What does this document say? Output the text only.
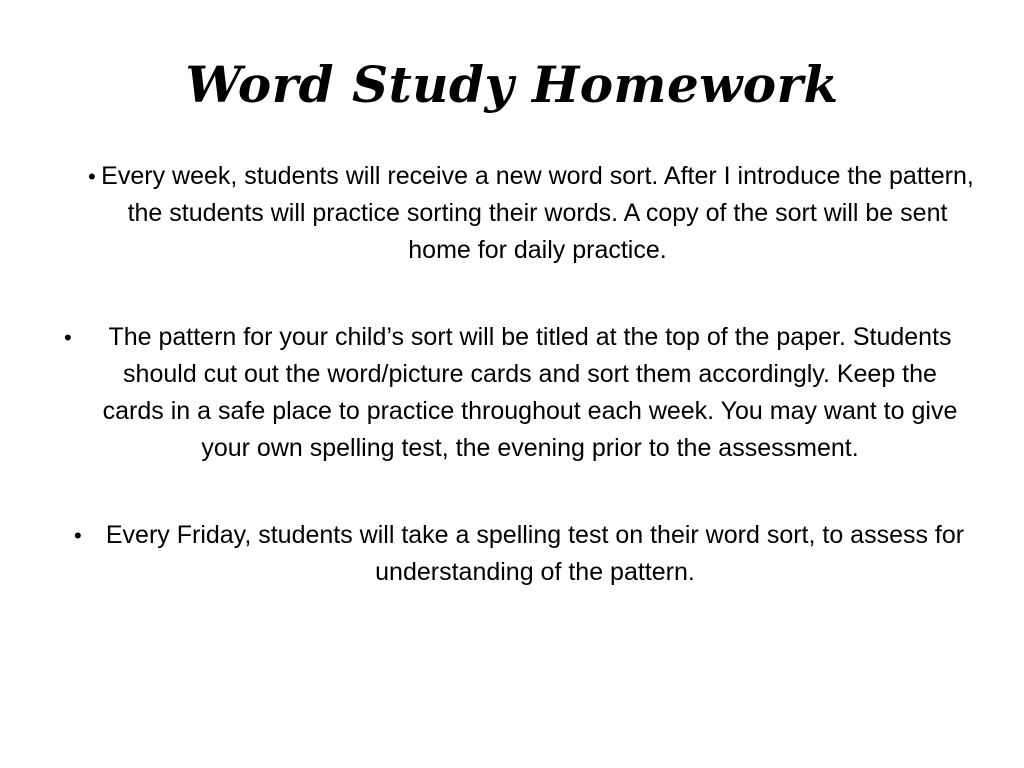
Word Study Homework
• Every week, students will receive a new word sort. After I introduce the pattern, the students will practice sorting their words. A copy of the sort will be sent home for daily practice.
• The pattern for your child’s sort will be titled at the top of the paper. Students should cut out the word/picture cards and sort them accordingly. Keep the cards in a safe place to practice throughout each week. You may want to give your own spelling test, the evening prior to the assessment.
• Every Friday, students will take a spelling test on their word sort, to assess for understanding of the pattern.
